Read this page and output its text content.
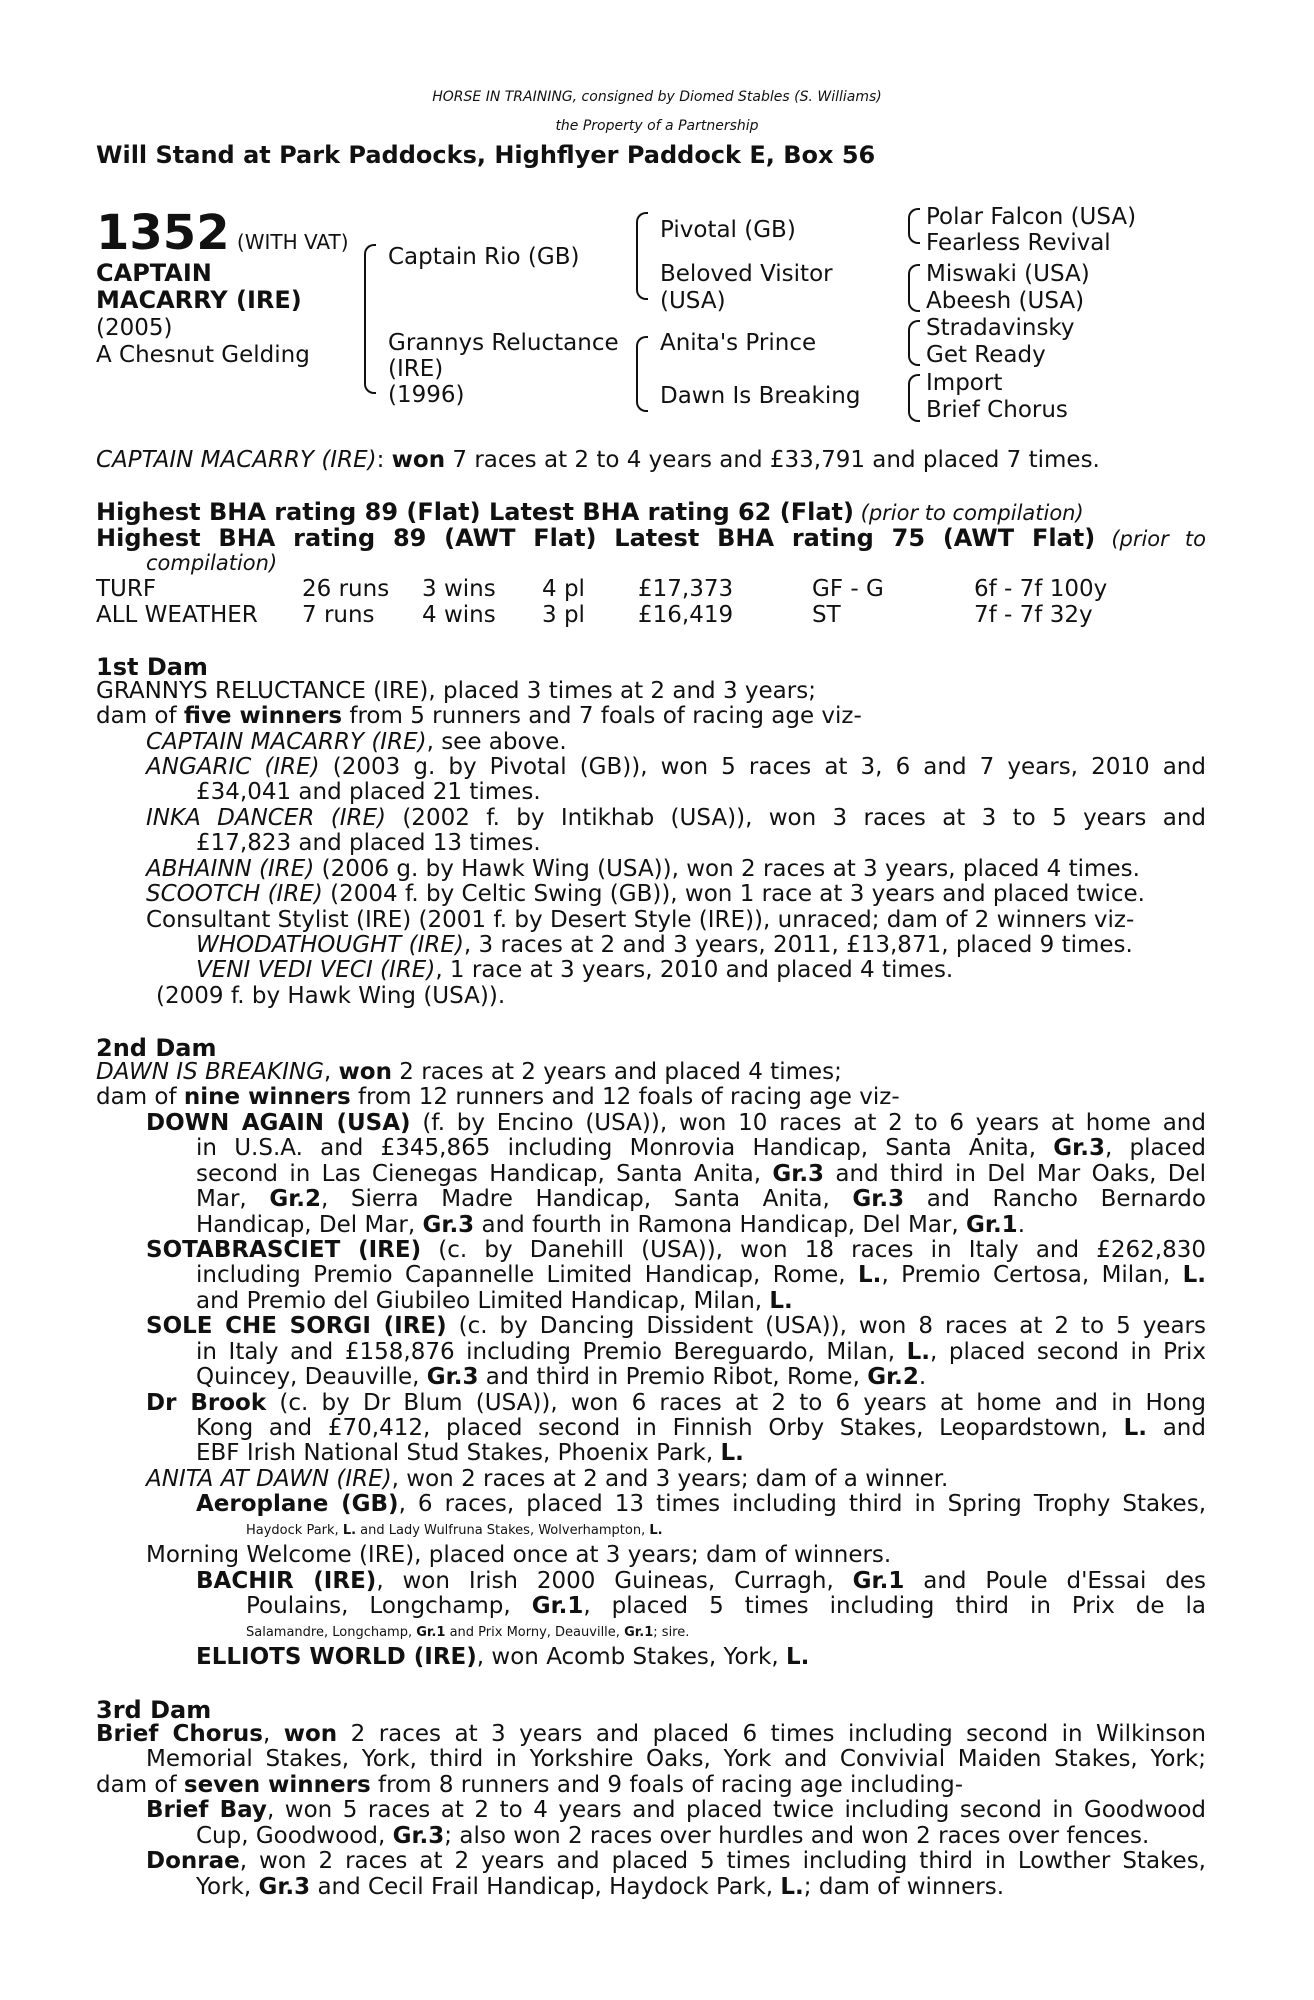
HORSE IN TRAINING, consigned by Diomed Stables (S. Williams)
the Property of a Partnership
Will Stand at Park Paddocks, Highflyer Paddock E, Box 56
1352 (WITH VAT)
CAPTAIN
MACARRY (IRE)
(2005)
A Chesnut Gelding
Captain Rio (GB)
Grannys Reluctance
(IRE)
(1996)
Pivotal (GB)
Beloved Visitor
(USA)
Anita's Prince
Dawn Is Breaking
Polar Falcon (USA)
Fearless Revival
Miswaki (USA)
Abeesh (USA)
Stradavinsky
Get Ready
Import
Brief Chorus
CAPTAIN MACARRY (IRE): won 7 races at 2 to 4 years and £33,791 and placed 7 times.
Highest BHA rating 89 (Flat) Latest BHA rating 62 (Flat) (prior to compilation)
Highest BHA rating 89 (AWT Flat) Latest BHA rating 75 (AWT Flat) (prior to
compilation)
TURF	26 runs 3 wins 4 pl £17,373	GF - G	6f - 7f 100y
ALL WEATHER 7 runs 4 wins 3 pl £16,419	ST	7f - 7f 32y
1st Dam
GRANNYS RELUCTANCE (IRE), placed 3 times at 2 and 3 years;
dam of five winners from 5 runners and 7 foals of racing age viz-
CAPTAIN MACARRY (IRE), see above.
ANGARIC (IRE) (2003 g. by Pivotal (GB)), won 5 races at 3, 6 and 7 years, 2010 and
£34,041 and placed 21 times.
INKA DANCER (IRE) (2002 f. by Intikhab (USA)), won 3 races at 3 to 5 years and
£17,823 and placed 13 times.
ABHAINN (IRE) (2006 g. by Hawk Wing (USA)), won 2 races at 3 years, placed 4 times.
SCOOTCH (IRE) (2004 f. by Celtic Swing (GB)), won 1 race at 3 years and placed twice.
Consultant Stylist (IRE) (2001 f. by Desert Style (IRE)), unraced; dam of 2 winners viz-
WHODATHOUGHT (IRE), 3 races at 2 and 3 years, 2011, £13,871, placed 9 times.
VENI VEDI VECI (IRE), 1 race at 3 years, 2010 and placed 4 times.
(2009 f. by Hawk Wing (USA)).
2nd Dam
DAWN IS BREAKING, won 2 races at 2 years and placed 4 times;
dam of nine winners from 12 runners and 12 foals of racing age viz-
DOWN AGAIN (USA) (f. by Encino (USA)), won 10 races at 2 to 6 years at home and
in U.S.A. and £345,865 including Monrovia Handicap, Santa Anita, Gr.3, placed
second in Las Cienegas Handicap, Santa Anita, Gr.3 and third in Del Mar Oaks, Del
Mar, Gr.2, Sierra Madre Handicap, Santa Anita, Gr.3 and Rancho Bernardo
Handicap, Del Mar, Gr.3 and fourth in Ramona Handicap, Del Mar, Gr.1.
SOTABRASCIET (IRE) (c. by Danehill (USA)), won 18 races in Italy and £262,830
including Premio Capannelle Limited Handicap, Rome, L., Premio Certosa, Milan, L.
and Premio del Giubileo Limited Handicap, Milan, L.
SOLE CHE SORGI (IRE) (c. by Dancing Dissident (USA)), won 8 races at 2 to 5 years
in Italy and £158,876 including Premio Bereguardo, Milan, L., placed second in Prix
Quincey, Deauville, Gr.3 and third in Premio Ribot, Rome, Gr.2.
Dr Brook (c. by Dr Blum (USA)), won 6 races at 2 to 6 years at home and in Hong
Kong and £70,412, placed second in Finnish Orby Stakes, Leopardstown, L. and
EBF Irish National Stud Stakes, Phoenix Park, L.
ANITA AT DAWN (IRE), won 2 races at 2 and 3 years; dam of a winner.
Aeroplane (GB), 6 races, placed 13 times including third in Spring Trophy Stakes,
Haydock Park, L. and Lady Wulfruna Stakes, Wolverhampton, L.
Morning Welcome (IRE), placed once at 3 years; dam of winners.
BACHIR (IRE), won Irish 2000 Guineas, Curragh, Gr.1 and Poule d'Essai des
Poulains, Longchamp, Gr.1, placed 5 times including third in Prix de la
Salamandre, Longchamp, Gr.1 and Prix Morny, Deauville, Gr.1; sire.
ELLIOTS WORLD (IRE), won Acomb Stakes, York, L.
3rd Dam
Brief Chorus, won 2 races at 3 years and placed 6 times including second in Wilkinson
Memorial Stakes, York, third in Yorkshire Oaks, York and Convivial Maiden Stakes, York;
dam of seven winners from 8 runners and 9 foals of racing age including-
Brief Bay, won 5 races at 2 to 4 years and placed twice including second in Goodwood
Cup, Goodwood, Gr.3; also won 2 races over hurdles and won 2 races over fences.
Donrae, won 2 races at 2 years and placed 5 times including third in Lowther Stakes,
York, Gr.3 and Cecil Frail Handicap, Haydock Park, L.; dam of winners.
